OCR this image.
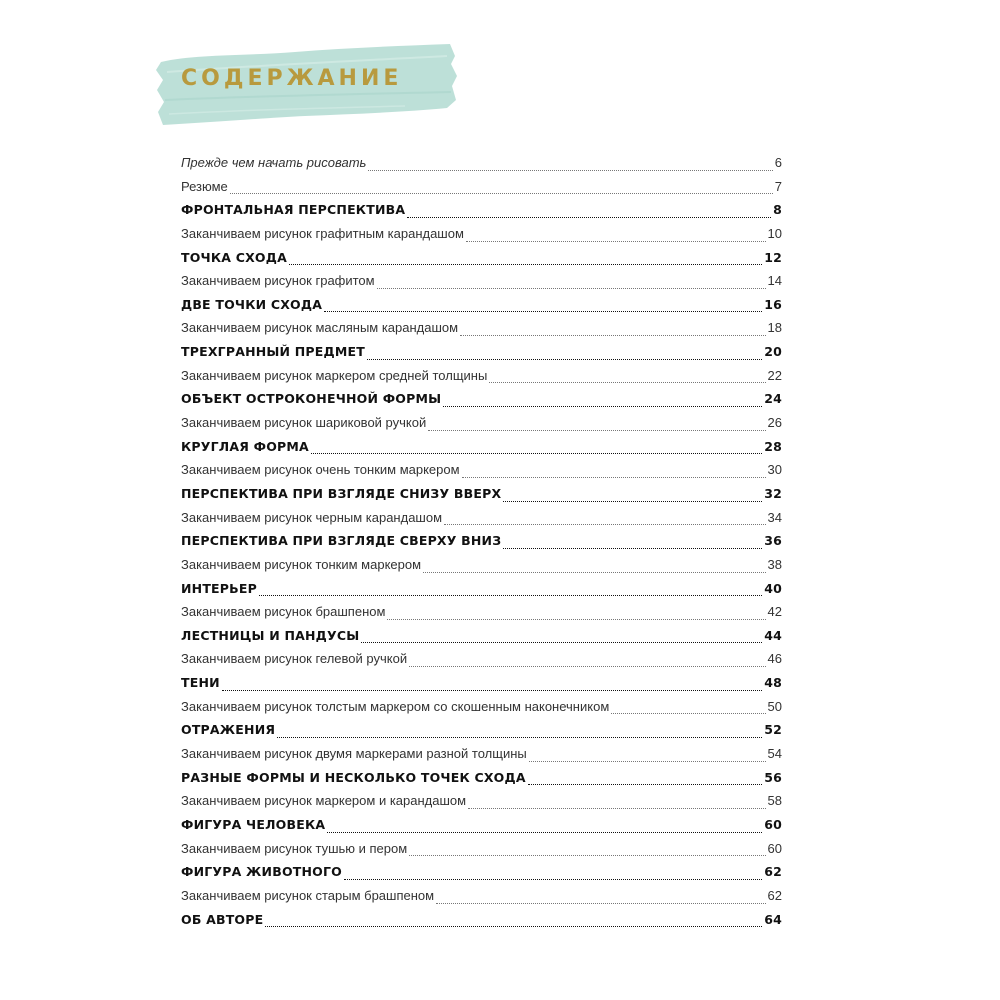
СОДЕРЖАНИЕ
Прежде чем начать рисовать	6
Резюме	7
ФРОНТАЛЬНАЯ ПЕРСПЕКТИВА	8
Заканчиваем рисунок графитным карандашом	10
ТОЧКА СХОДА	12
Заканчиваем рисунок графитом	14
ДВЕ ТОЧКИ СХОДА	16
Заканчиваем рисунок масляным карандашом	18
ТРЕХГРАННЫЙ ПРЕДМЕТ	20
Заканчиваем рисунок маркером средней толщины	22
ОБЪЕКТ ОСТРОКОНЕЧНОЙ ФОРМЫ	24
Заканчиваем рисунок шариковой ручкой	26
КРУГЛАЯ ФОРМА	28
Заканчиваем рисунок очень тонким маркером	30
ПЕРСПЕКТИВА ПРИ ВЗГЛЯДЕ СНИЗУ ВВЕРХ	32
Заканчиваем рисунок черным карандашом	34
ПЕРСПЕКТИВА ПРИ ВЗГЛЯДЕ СВЕРХУ ВНИЗ	36
Заканчиваем рисунок тонким маркером	38
ИНТЕРЬЕР	40
Заканчиваем рисунок брашпеном	42
ЛЕСТНИЦЫ И ПАНДУСЫ	44
Заканчиваем рисунок гелевой ручкой	46
ТЕНИ	48
Заканчиваем рисунок толстым маркером со скошенным наконечником	50
ОТРАЖЕНИЯ	52
Заканчиваем рисунок двумя маркерами разной толщины	54
РАЗНЫЕ ФОРМЫ И НЕСКОЛЬКО ТОЧЕК СХОДА	56
Заканчиваем рисунок маркером и карандашом	58
ФИГУРА ЧЕЛОВЕКА	60
Заканчиваем рисунок тушью и пером	60
ФИГУРА ЖИВОТНОГО	62
Заканчиваем рисунок старым брашпеном	62
ОБ АВТОРЕ	64
